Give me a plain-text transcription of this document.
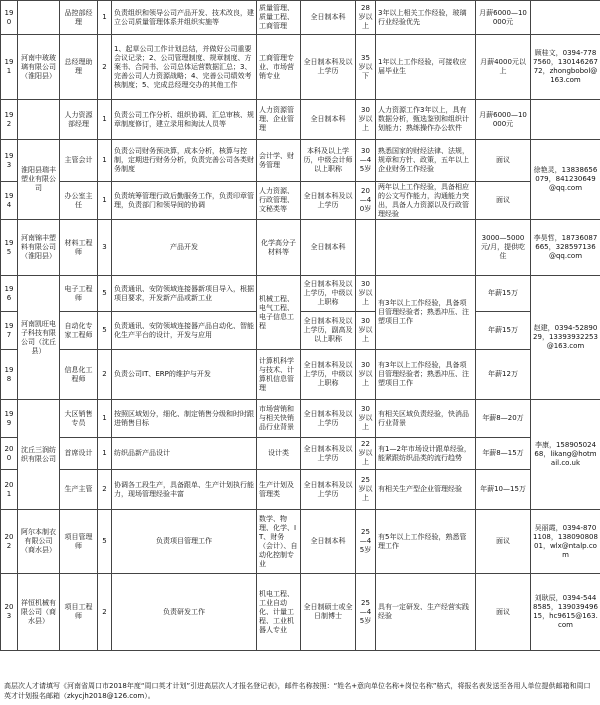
190		品控部经理	1	负责组织和领导公司产品开发、技术改良，建立公司质量管理体系并组织实施等	质量管理、质量工程、工商管理	全日制本科	28岁以上	3年以上相关工作经验，玻璃行业经验优先	月薪6000—10000元	
191	河南中玻玻璃有限公司（淮阳县）	总经理助理	2	1、起草公司工作计划总结，并做好公司重要会议记录；2、公司管理制度、规章制度、方案书、合同书、公司总体运营数据汇总；3、完善公司人力资源战略；4、完善公司绩效考核制度；5、完成总经理交办的其他工作	工商管理专业、市场营销专业	全日制本科及以上学历	35岁以下	1年以上工作经验，可接收应届毕业生	月薪4000元以上	顾桂文，0394-7787560，13014626772，zhongbobol@163.com
192		人力资源部经理	1	负责公司工作分析、组织协调、汇总审核、规章制度修订，建立录用和淘汰人员等	人力资源管理、企业管理	全日制本科	30岁以上	人力资源工作3年以上，具有数据分析，甄选鉴别和组织计划能力；熟练操作办公软件	月薪6000—10000元	
193	淮阳县瑞丰塑业有限公司	主管会计	1	负责公司财务预决算，成本分析，核算与控制，定期进行财务分析，负责完善公司各类财务制度	会计学、财务管理	本科及以上学历，中级会计师以上职称	30—45岁	熟悉国家的财经法律、法规，规章和方针、政策，五年以上企业财务工作经验	面议	徐艳灵，13838656079，841230649@qq.com
194		办公室主任	1	负责统筹管理行政后勤服务工作，负责印章管理，负责部门和领导间的协调	人力资源、行政管理、文秘类等	全日制本科及以上学历	20—40岁	两年以上工作经验，具备相应的公文写作能力，沟通能力突出，具备人力资源以及行政管理经验	面议	
195	河南锦丰塑料有限公司（淮阳县）	材料工程师	3	产品开发	化学高分子材料等	全日制本科			3000—5000元/月，提供吃住	李昊哲，18736087665，328597136@qq.com
196	河南凯旺电子科技有限公司（沈丘县）	电子工程师	5	负责通讯、安防领域连接器新项目导入，根据项目要求，开发新产品或新工业	机械工程、电气工程、电子信息工程	全日制本科及以上学历，中级以上职称	30岁以上	有3年以上工作经验，具备项目管理经验者；熟悉冲压、注塑项目工作	年薪15万	赵建，0394-5289029，13393932253@163.com
197		自动化专家工程师	5	负责通讯、安防领域连接器产品自动化、智能化生产平台的设计，开发与应用		全日制本科及以上学历，副高及以上职称	30岁以上		年薪15万	
198		信息化工程师	2	负责公司IT、ERP的维护与开发	计算机科学与技术、计算机信息管理	全日制本科及以上学历，中级以上职称	30岁以上	有3年以上工作经验，具备项目管理经验者；熟悉冲压、注塑项目工作	年薪12万	
199	沈丘三润纺织有限公司	大区销售专员	1	按照区域划分，细化、制定销售分级和时时跟进销售目标	市场营销和与相关快销品行业背景	全日制本科及以上学历	30岁以上	有相关区域负责经验，快消品行业背景	年薪8—20万	李康，15890502468，likang@hotmail.co.uk
200		首席设计	1	纺织品新产品设计	设计类	全日制本科及以上学历	22岁以上	有1—2年市场设计跟单经验，能紧跟纺织品类的流行趋势	年薪8—15万	
201		生产主管	2	协调各工段生产，具备跟单、生产计划执行能力，现场管理经验丰富	生产计划及管理类	全日制本科及以上学历	25岁以上	有相关生产型企业管理经验	年薪10—15万	
202	阿尔本制衣有限公司（商水县）	项目管理师	5	负责项目管理工作	数学、物理、化学、IT、财务（会计）、自动化控制专业	全日制本科	25—45岁	有5年以上工作经验，熟悉管理工作	面议	吴丽霞，0394-8701108，13809080801，wlx@ntalp.com
203	祥恒机械有限公司（商水县）	项目工程师	2	负责研发工作	机电工程、工业自动化、计量工程、工业机器人专业	全日制硕士或全日制博士	25—45岁	具有一定研发、生产经营实践经验	面议	刘耿辰，0394-5448585，13903949615，hc9615@163.com
高层次人才请填写《河南省周口市2018年度“周口英才计划”引进高层次人才报名登记表》，邮件名称按照：“姓名+意向单位名称+岗位名称”格式，将报名表发送至各用人单位提供邮箱和周口英才计划报名邮箱（zkycjh2018@126.com）。
